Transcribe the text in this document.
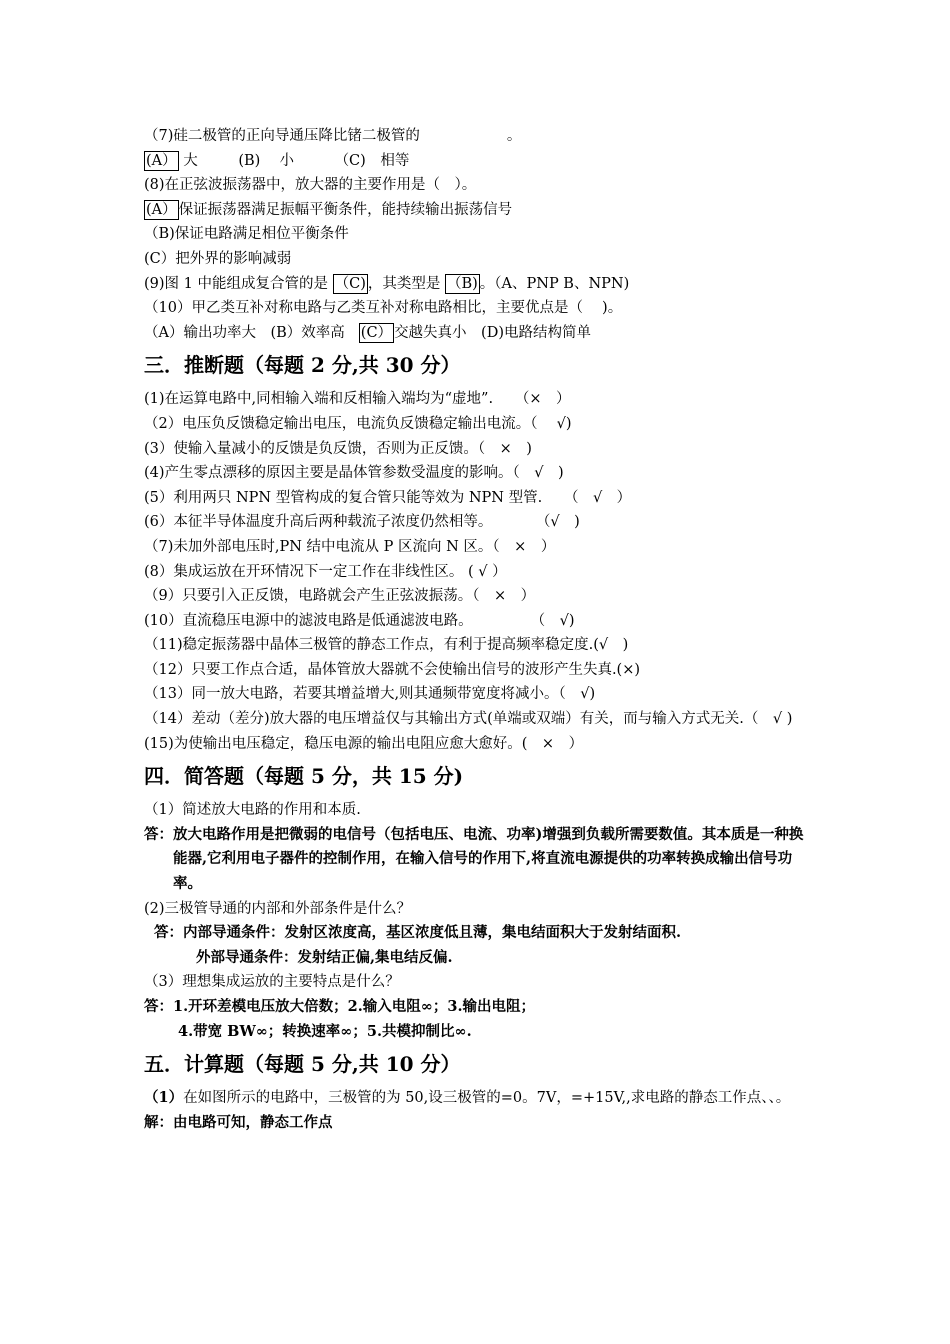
（7)硅二极管的正向导通压降比锗二极管的　　　　　　。
(A） 大	(B)　 小	（C)　相等
(8)在正弦波振荡器中，放大器的主要作用是（　）。
(A） 保证振荡器满足振幅平衡条件，能持续输出振荡信号
（B)保证电路满足相位平衡条件
(C）把外界的影响减弱
(9)图 1 中能组成复合管的是 （C) ，其类型是 （B) 。（A、PNP B、NPN)
（10）甲乙类互补对称电路与乙类互补对称电路相比，主要优点是（　 )。
（A）输出功率大　(B）效率高 (C） 交越失真小　(D)电路结构简单
三．推断题（每题 2 分,共 30 分）
(1)在运算电路中,同相输入端和反相输入端均为“虚地”.　　（×　）
（2）电压负反馈稳定输出电压，电流负反馈稳定输出电流。（　 √)
(3）使输入量减小的反馈是负反馈，否则为正反馈。（　×　)
(4)产生零点漂移的原因主要是晶体管参数受温度的影响。（　√　)
(5）利用两只 NPN 型管构成的复合管只能等效为 NPN 型管.　　（　√　）
(6）本征半导体温度升高后两种载流子浓度仍然相等。　　　　（√　)
（7)未加外部电压时,PN 结中电流从 P 区流向 N 区。（　×　）
(8）集成运放在开环情况下一定工作在非线性区。 ( √ ）
（9）只要引入正反馈，电路就会产生正弦波振荡。（　×　）
(10）直流稳压电源中的滤波电路是低通滤波电路。　　　　　（　√)
（11)稳定振荡器中晶体三极管的静态工作点，有利于提高频率稳定度.(√　)
（12）只要工作点合适，晶体管放大器就不会使输出信号的波形产生失真.(×)
（13）同一放大电路，若要其增益增大,则其通频带宽度将减小。（　√)
（14）差动（差分)放大器的电压增益仅与其输出方式(单端或双端）有关，而与输入方式无关.（　√ )
(15)为使输出电压稳定，稳压电源的输出电阻应愈大愈好。(　×　）
四．简答题（每题 5 分，共 15 分)
（1）简述放大电路的作用和本质.
答： 放大电路作用是把微弱的电信号（包括电压、电流、功率)增强到负载所需要数值。其本质是一种换能器,它利用电子器件的控制作用，在输入信号的作用下,将直流电源提供的功率转换成输出信号功率。
(2)三极管导通的内部和外部条件是什么？
答：内部导通条件：发射区浓度高，基区浓度低且薄，集电结面积大于发射结面积.
外部导通条件：发射结正偏,集电结反偏.
（3）理想集成运放的主要特点是什么？
答：1.开环差模电压放大倍数；2.输入电阻∞；3.输出电阻；
4.带宽 BW∞；转换速率∞；5.共模抑制比∞.
五．计算题（每题 5 分,共 10 分）
（1）在如图所示的电路中，三极管的为 50,设三极管的=0。7V，=+15V,,求电路的静态工作点、、。
解：由电路可知，静态工作点
